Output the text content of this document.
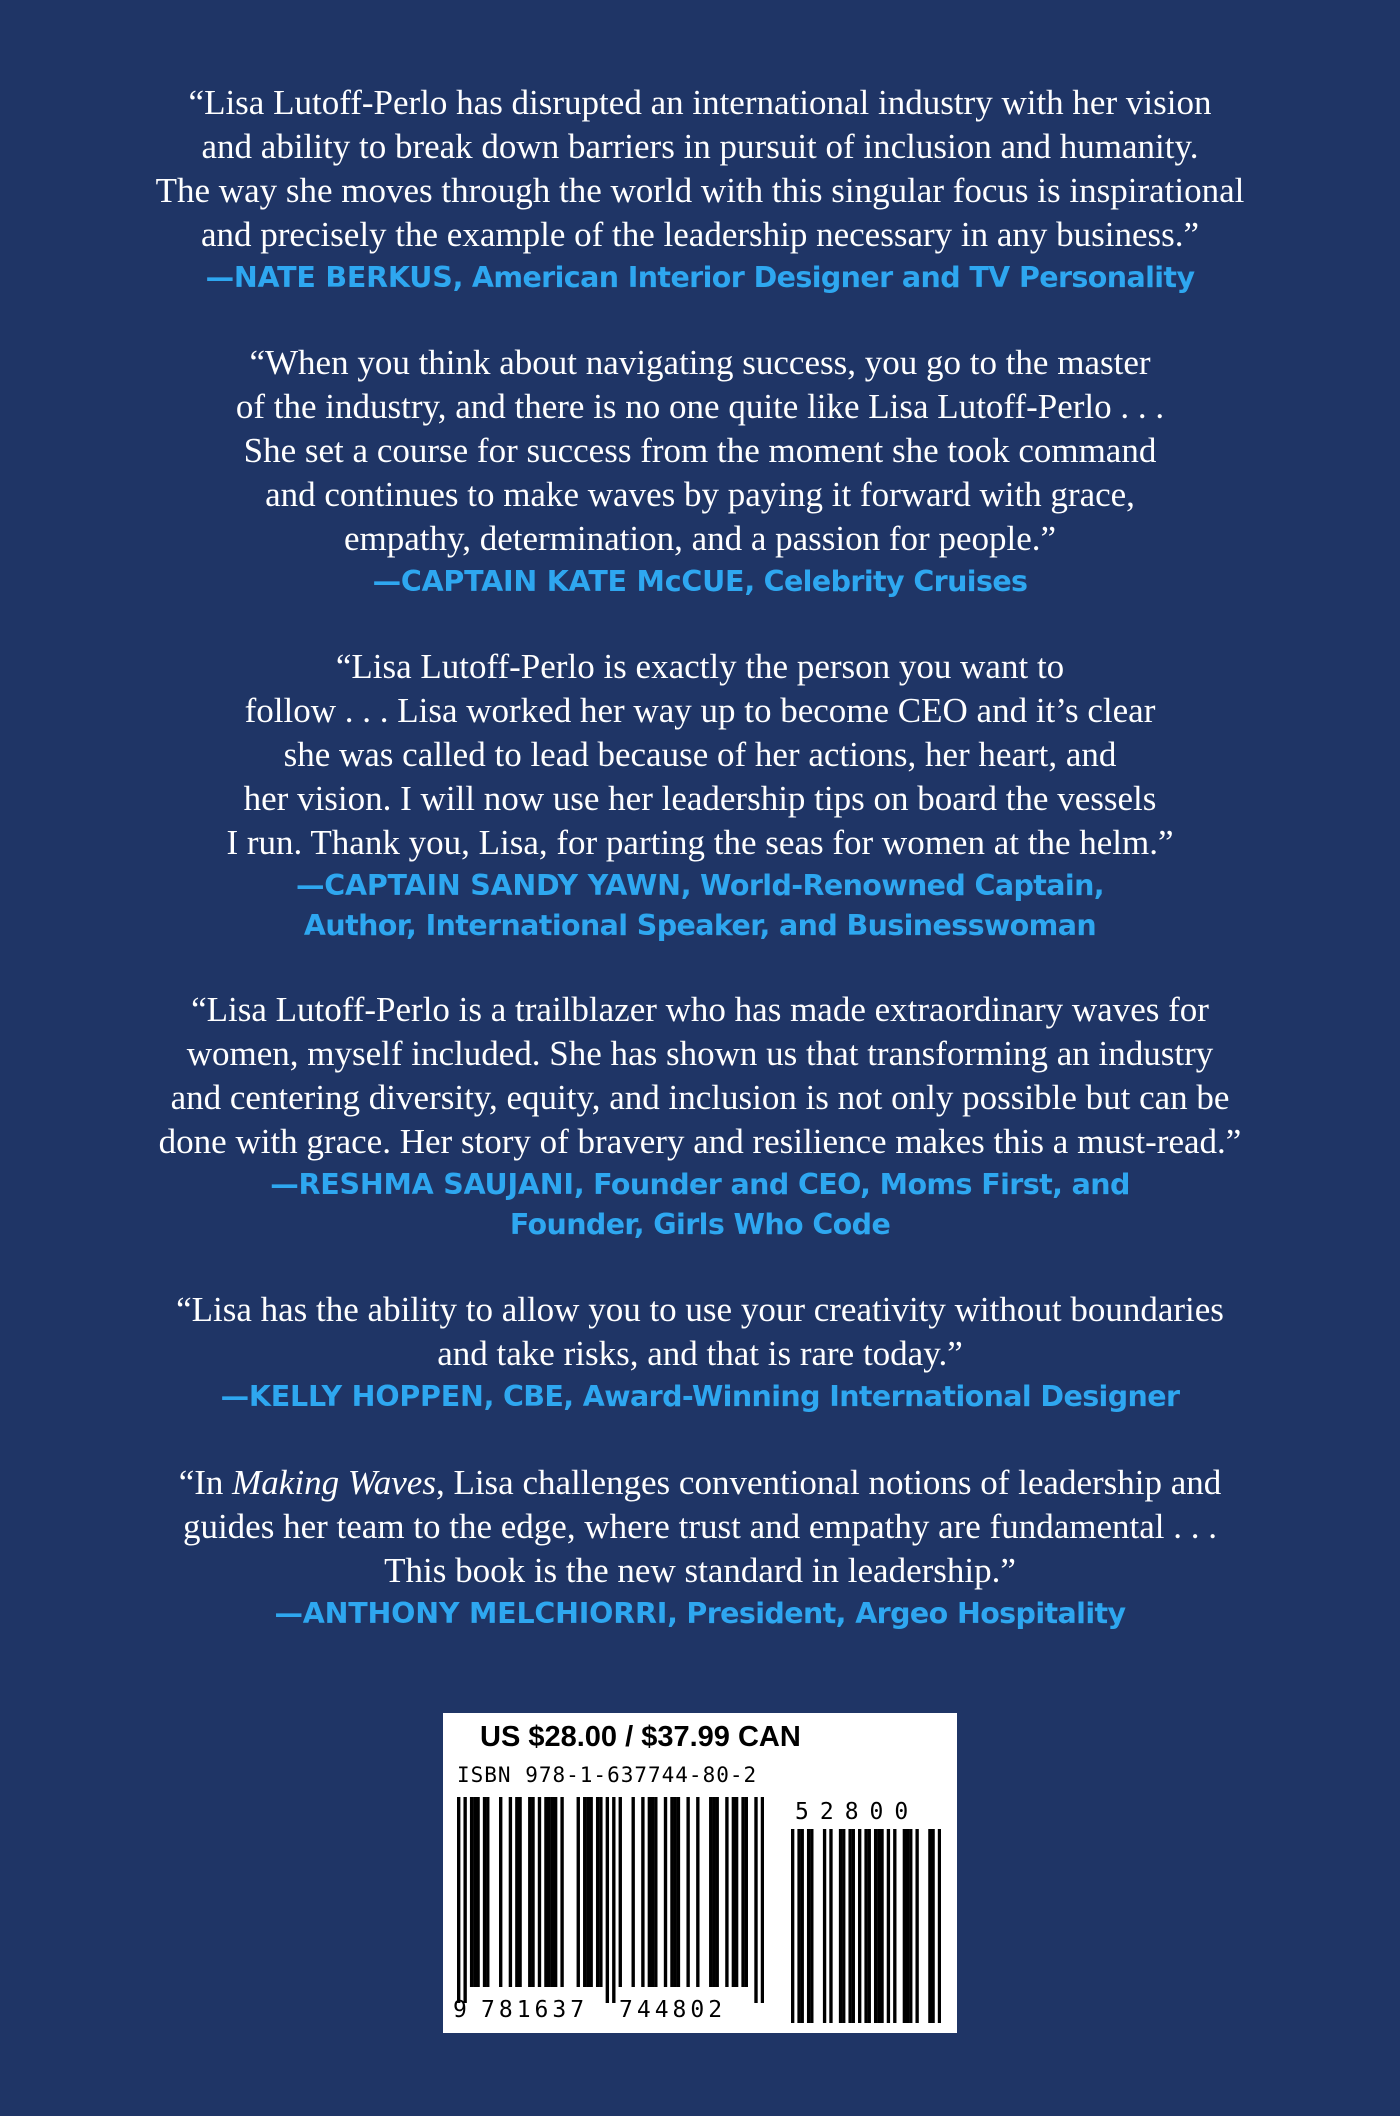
“Lisa Lutoff-Perlo has disrupted an international industry with her vision
and ability to break down barriers in pursuit of inclusion and humanity.
The way she moves through the world with this singular focus is inspirational
and precisely the example of the leadership necessary in any business.”
—NATE BERKUS, American Interior Designer and TV Personality
“When you think about navigating success, you go to the master
of the industry, and there is no one quite like Lisa Lutoff-Perlo . . .
She set a course for success from the moment she took command
and continues to make waves by paying it forward with grace,
empathy, determination, and a passion for people.”
—CAPTAIN KATE McCUE, Celebrity Cruises
“Lisa Lutoff-Perlo is exactly the person you want to
follow . . . Lisa worked her way up to become CEO and it’s clear
she was called to lead because of her actions, her heart, and
her vision. I will now use her leadership tips on board the vessels
I run. Thank you, Lisa, for parting the seas for women at the helm.”
—CAPTAIN SANDY YAWN, World-Renowned Captain,
Author, International Speaker, and Businesswoman
“Lisa Lutoff-Perlo is a trailblazer who has made extraordinary waves for
women, myself included. She has shown us that transforming an industry
and centering diversity, equity, and inclusion is not only possible but can be
done with grace. Her story of bravery and resilience makes this a must-read.”
—RESHMA SAUJANI, Founder and CEO, Moms First, and
Founder, Girls Who Code
“Lisa has the ability to allow you to use your creativity without boundaries
and take risks, and that is rare today.”
—KELLY HOPPEN, CBE, Award-Winning International Designer
“In Making Waves, Lisa challenges conventional notions of leadership and
guides her team to the edge, where trust and empathy are fundamental . . .
This book is the new standard in leadership.”
—ANTHONY MELCHIORRI, President, Argeo Hospitality
US $28.00 / $37.99 CAN
ISBN 978-1-637744-80-2
52800
9 781637 744802
